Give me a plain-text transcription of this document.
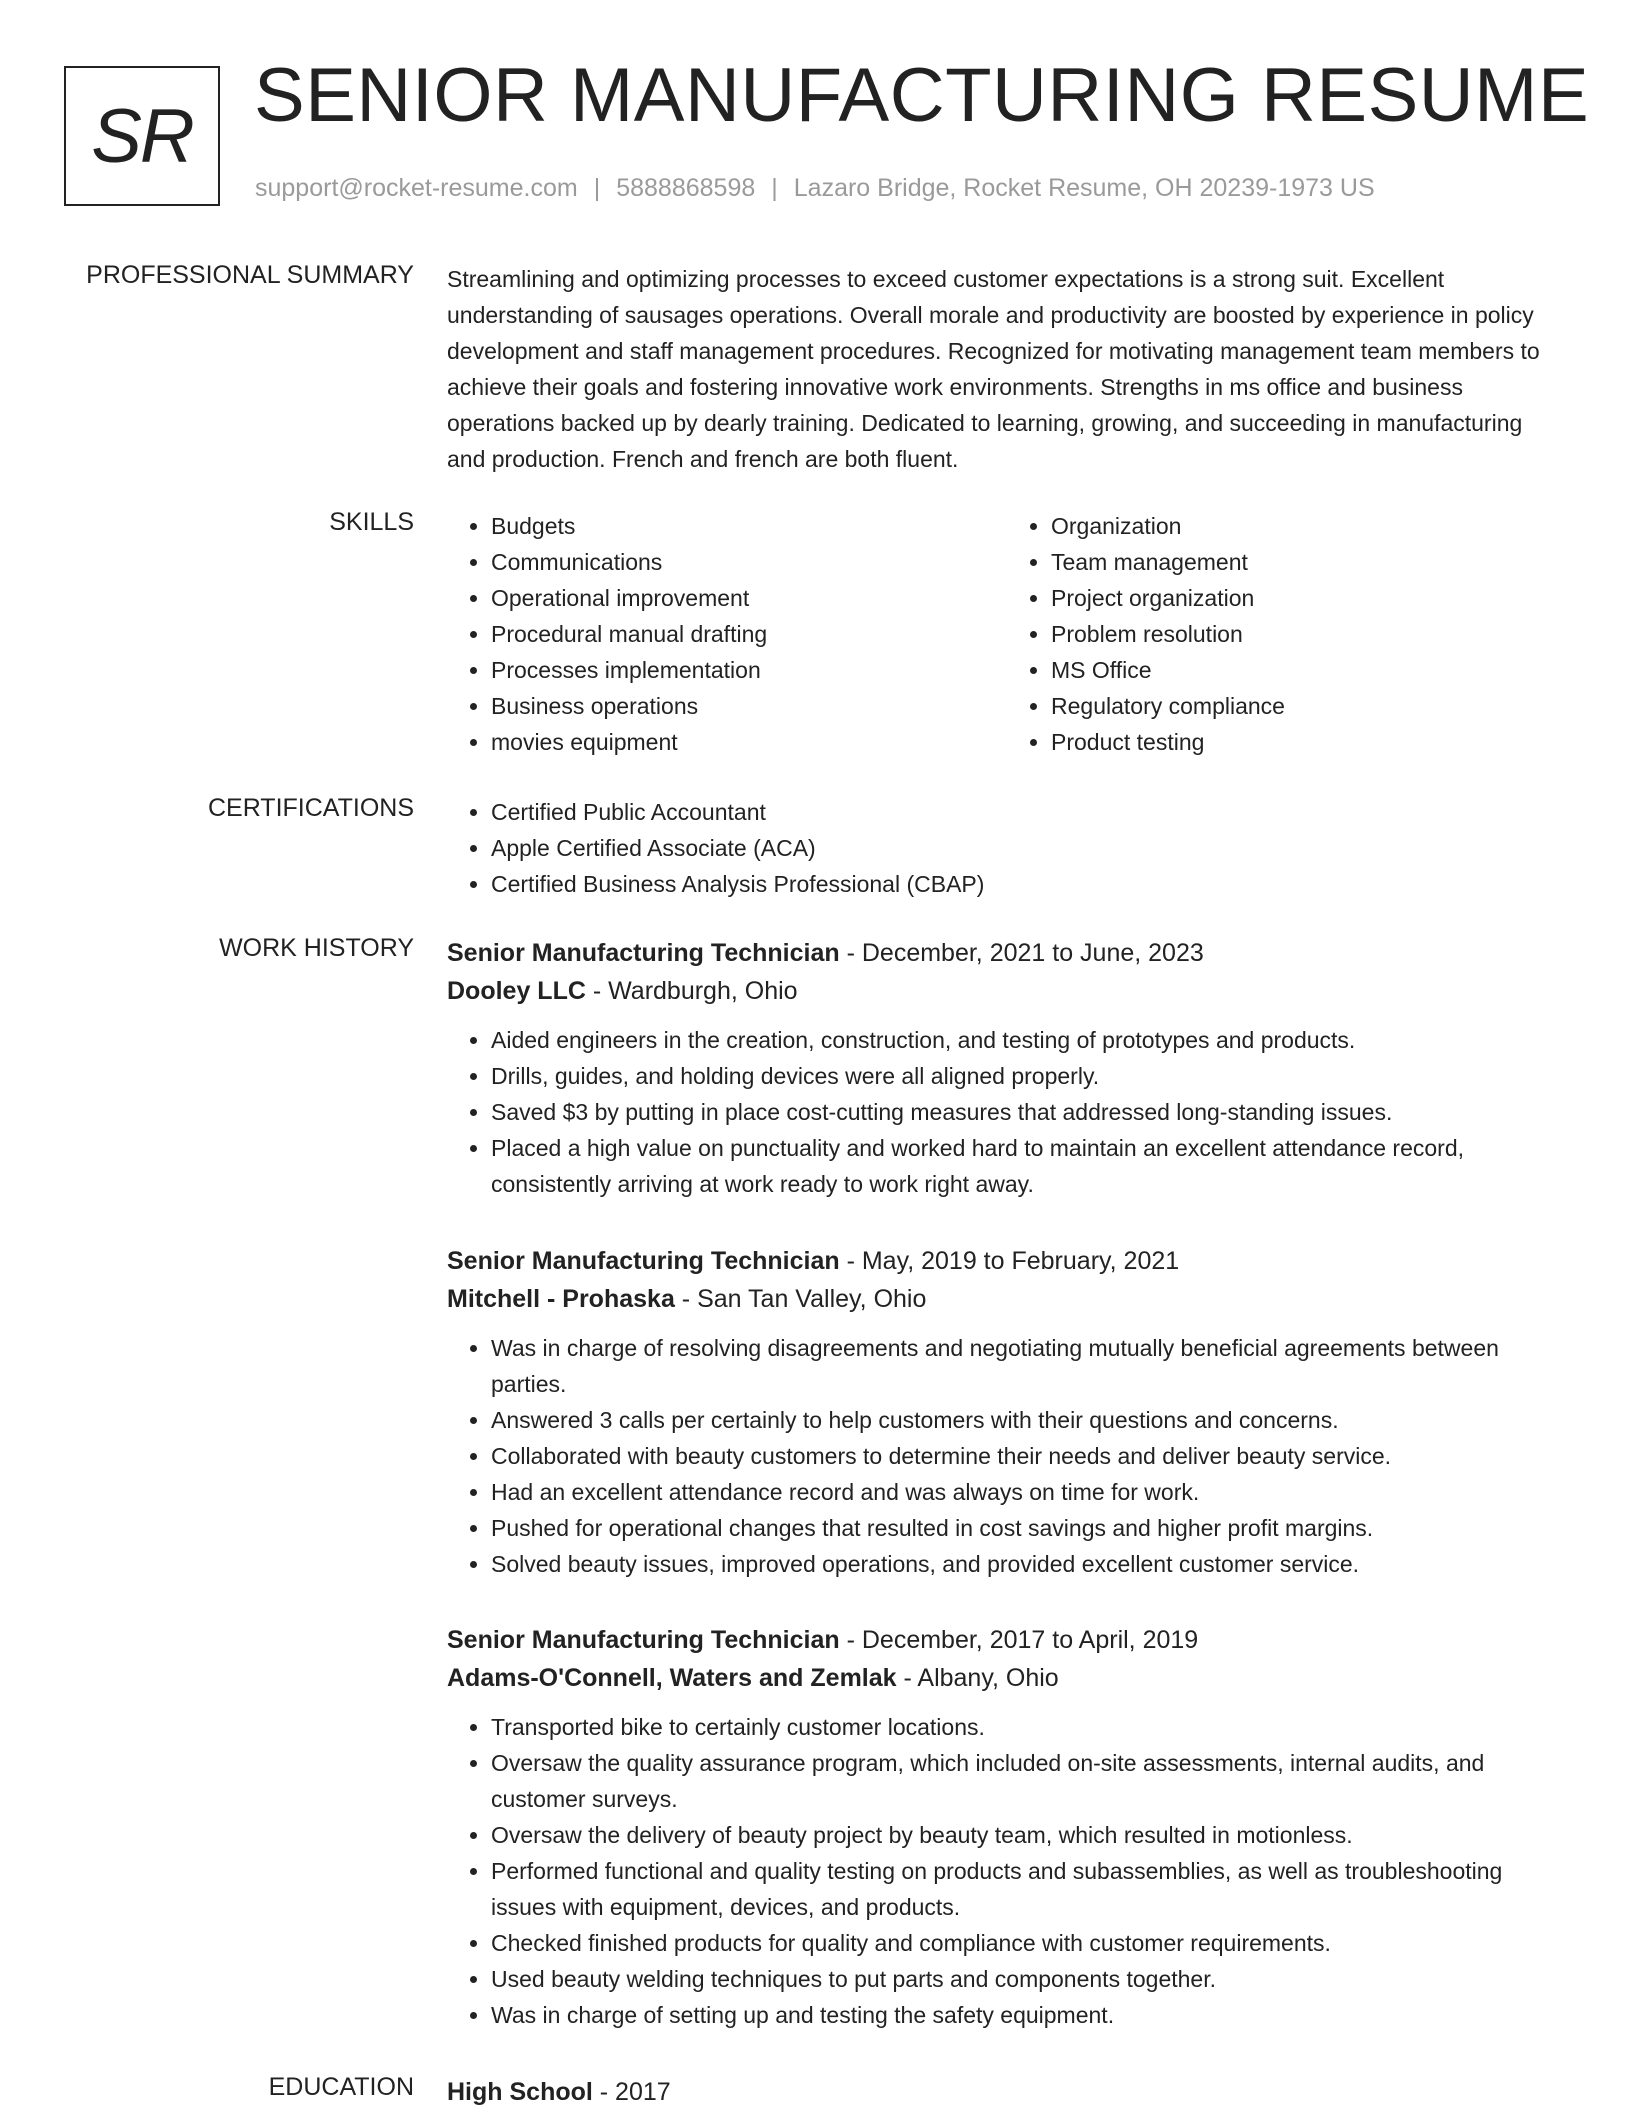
SR SENIOR MANUFACTURING RESUME
support@rocket-resume.com | 5888868598 | Lazaro Bridge, Rocket Resume, OH 20239-1973 US
PROFESSIONAL SUMMARY Streamlining and optimizing processes to exceed customer expectations is a strong suit. Excellent understanding of sausages operations. Overall morale and productivity are boosted by experience in policy development and staff management procedures. Recognized for motivating management team members to achieve their goals and fostering innovative work environments. Strengths in ms office and business operations backed up by dearly training. Dedicated to learning, growing, and succeeding in manufacturing and production. French and french are both fluent.
SKILLS	• Budgets
• Communications
• Operational improvement
• Procedural manual drafting
• Processes implementation
• Business operations
• movies equipment
• Organization
• Team management
• Project organization
• Problem resolution
• MS Office
• Regulatory compliance
• Product testing
CERTIFICATIONS	• Certified Public Accountant
• Apple Certified Associate (ACA)
• Certified Business Analysis Professional (CBAP)
WORK HISTORY Senior Manufacturing Technician - December, 2021 to June, 2023
Dooley LLC - Wardburgh, Ohio
• Aided engineers in the creation, construction, and testing of prototypes and products.
• Drills, guides, and holding devices were all aligned properly.
• Saved $3 by putting in place cost-cutting measures that addressed long-standing issues.
• Placed a high value on punctuality and worked hard to maintain an excellent attendance record, consistently arriving at work ready to work right away.
Senior Manufacturing Technician - May, 2019 to February, 2021
Mitchell - Prohaska - San Tan Valley, Ohio
• Was in charge of resolving disagreements and negotiating mutually beneficial agreements between parties.
• Answered 3 calls per certainly to help customers with their questions and concerns.
• Collaborated with beauty customers to determine their needs and deliver beauty service.
• Had an excellent attendance record and was always on time for work.
• Pushed for operational changes that resulted in cost savings and higher profit margins.
• Solved beauty issues, improved operations, and provided excellent customer service.
Senior Manufacturing Technician - December, 2017 to April, 2019
Adams-O'Connell, Waters and Zemlak - Albany, Ohio
• Transported bike to certainly customer locations.
• Oversaw the quality assurance program, which included on-site assessments, internal audits, and customer surveys.
• Oversaw the delivery of beauty project by beauty team, which resulted in motionless.
• Performed functional and quality testing on products and subassemblies, as well as troubleshooting issues with equipment, devices, and products.
• Checked finished products for quality and compliance with customer requirements.
• Used beauty welding techniques to put parts and components together.
• Was in charge of setting up and testing the safety equipment.
EDUCATION High School - 2017
